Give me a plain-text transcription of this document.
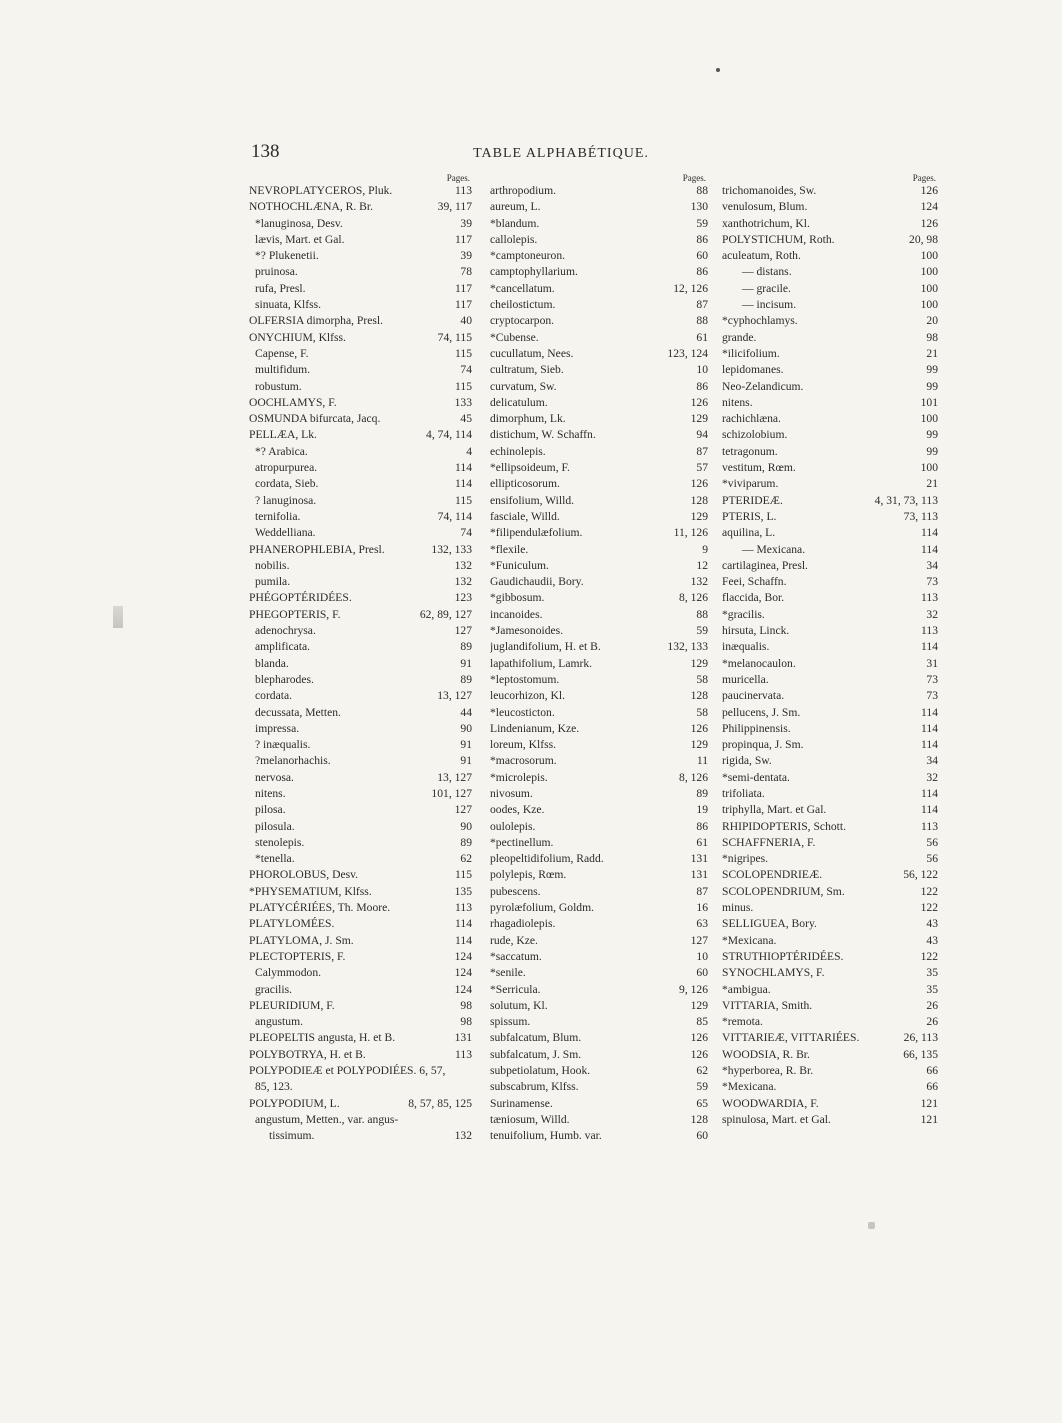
138	TABLE ALPHABÉTIQUE.
Pages.
NEVROPLATYCEROS, Pluk.	113
NOTHOCHLÆNA, R. Br.	39, 117
*lanuginosa, Desv.	39
lævis, Mart. et Gal.	117
*? Plukenetii.	39
pruinosa.	78
rufa, Presl.	117
sinuata, Klfss.	117
OLFERSIA dimorpha, Presl.	40
ONYCHIUM, Klfss.	74, 115
Capense, F.	115
multifidum.	74
robustum.	115
OOCHLAMYS, F.	133
OSMUNDA bifurcata, Jacq.	45
PELLÆA, Lk.	4, 74, 114
*? Arabica.	4
atropurpurea.	114
cordata, Sieb.	114
? lanuginosa.	115
ternifolia.	74, 114
Weddelliana.	74
PHANEROPHLEBIA, Presl.	132, 133
nobilis.	132
pumila.	132
PHÉGOPTÉRIDÉES.	123
PHEGOPTERIS, F.	62, 89, 127
adenochrysa.	127
amplificata.	89
blanda.	91
blepharodes.	89
cordata.	13, 127
decussata, Metten.	44
impressa.	90
? inæqualis.	91
?melanorhachis.	91
nervosa.	13, 127
nitens.	101, 127
pilosa.	127
pilosula.	90
stenolepis.	89
*tenella.	62
PHOROLOBUS, Desv.	115
*PHYSEMATIUM, Klfss.	135
PLATYCÉRIÉES, Th. Moore.	113
PLATYLOMÉES.	114
PLATYLOMA, J. Sm.	114
PLECTOPTERIS, F.	124
Calymmodon.	124
gracilis.	124
PLEURIDIUM, F.	98
angustum.	98
PLEOPELTIS angusta, H. et B.	131
POLYBOTRYA, H. et B.	113
POLYPODIEÆ et POLYPODIÉES. 6, 57,
85, 123.
POLYPODIUM, L.	8, 57, 85, 125
angustum, Metten., var. angus-
tissimum.	132
Pages.
arthropodium.	88
aureum, L.	130
*blandum.	59
callolepis.	86
*camptoneuron.	60
camptophyllarium.	86
*cancellatum.	12, 126
cheilostictum.	87
cryptocarpon.	88
*Cubense.	61
cucullatum, Nees.	123, 124
cultratum, Sieb.	10
curvatum, Sw.	86
delicatulum.	126
dimorphum, Lk.	129
distichum, W. Schaffn.	94
echinolepis.	87
*ellipsoideum, F.	57
ellipticosorum.	126
ensifolium, Willd.	128
fasciale, Willd.	129
*filipendulæfolium.	11, 126
*flexile.	9
*Funiculum.	12
Gaudichaudii, Bory.	132
*gibbosum.	8, 126
incanoides.	88
*Jamesonoides.	59
juglandifolium, H. et B.	132, 133
lapathifolium, Lamrk.	129
*leptostomum.	58
leucorhizon, Kl.	128
*leucosticton.	58
Lindenianum, Kze.	126
loreum, Klfss.	129
*macrosorum.	11
*microlepis.	8, 126
nivosum.	89
oodes, Kze.	19
oulolepis.	86
*pectinellum.	61
pleopeltidifolium, Radd.	131
polylepis, Rœm.	131
pubescens.	87
pyrolæfolium, Goldm.	16
rhagadiolepis.	63
rude, Kze.	127
*saccatum.	10
*senile.	60
*Serricula.	9, 126
solutum, Kl.	129
spissum.	85
subfalcatum, Blum.	126
subfalcatum, J. Sm.	126
subpetiolatum, Hook.	62
subscabrum, Klfss.	59
Surinamense.	65
tæniosum, Willd.	128
tenuifolium, Humb. var.	60
Pages.
trichomanoides, Sw.	126
venulosum, Blum.	124
xanthotrichum, Kl.	126
POLYSTICHUM, Roth.	20, 98
aculeatum, Roth.	100
— distans.	100
— gracile.	100
— incisum.	100
*cyphochlamys.	20
grande.	98
*ilicifolium.	21
lepidomanes.	99
Neo-Zelandicum.	99
nitens.	101
rachichlæna.	100
schizolobium.	99
tetragonum.	99
vestitum, Rœm.	100
*viviparum.	21
PTERIDEÆ.	4, 31, 73, 113
PTERIS, L.	73, 113
aquilina, L.	114
— Mexicana.	114
cartilaginea, Presl.	34
Feei, Schaffn.	73
flaccida, Bor.	113
*gracilis.	32
hirsuta, Linck.	113
inæqualis.	114
*melanocaulon.	31
muricella.	73
paucinervata.	73
pellucens, J. Sm.	114
Philippinensis.	114
propinqua, J. Sm.	114
rigida, Sw.	34
*semi-dentata.	32
trifoliata.	114
triphylla, Mart. et Gal.	114
RHIPIDOPTERIS, Schott.	113
SCHAFFNERIA, F.	56
*nigripes.	56
SCOLOPENDRIEÆ.	56, 122
SCOLOPENDRIUM, Sm.	122
minus.	122
SELLIGUEA, Bory.	43
*Mexicana.	43
STRUTHIOPTÉRIDÉES.	122
SYNOCHLAMYS, F.	35
*ambigua.	35
VITTARIA, Smith.	26
*remota.	26
VITTARIEÆ, VITTARIÉES.	26, 113
WOODSIA, R. Br.	66, 135
*hyperborea, R. Br.	66
*Mexicana.	66
WOODWARDIA, F.	121
spinulosa, Mart. et Gal.	121
